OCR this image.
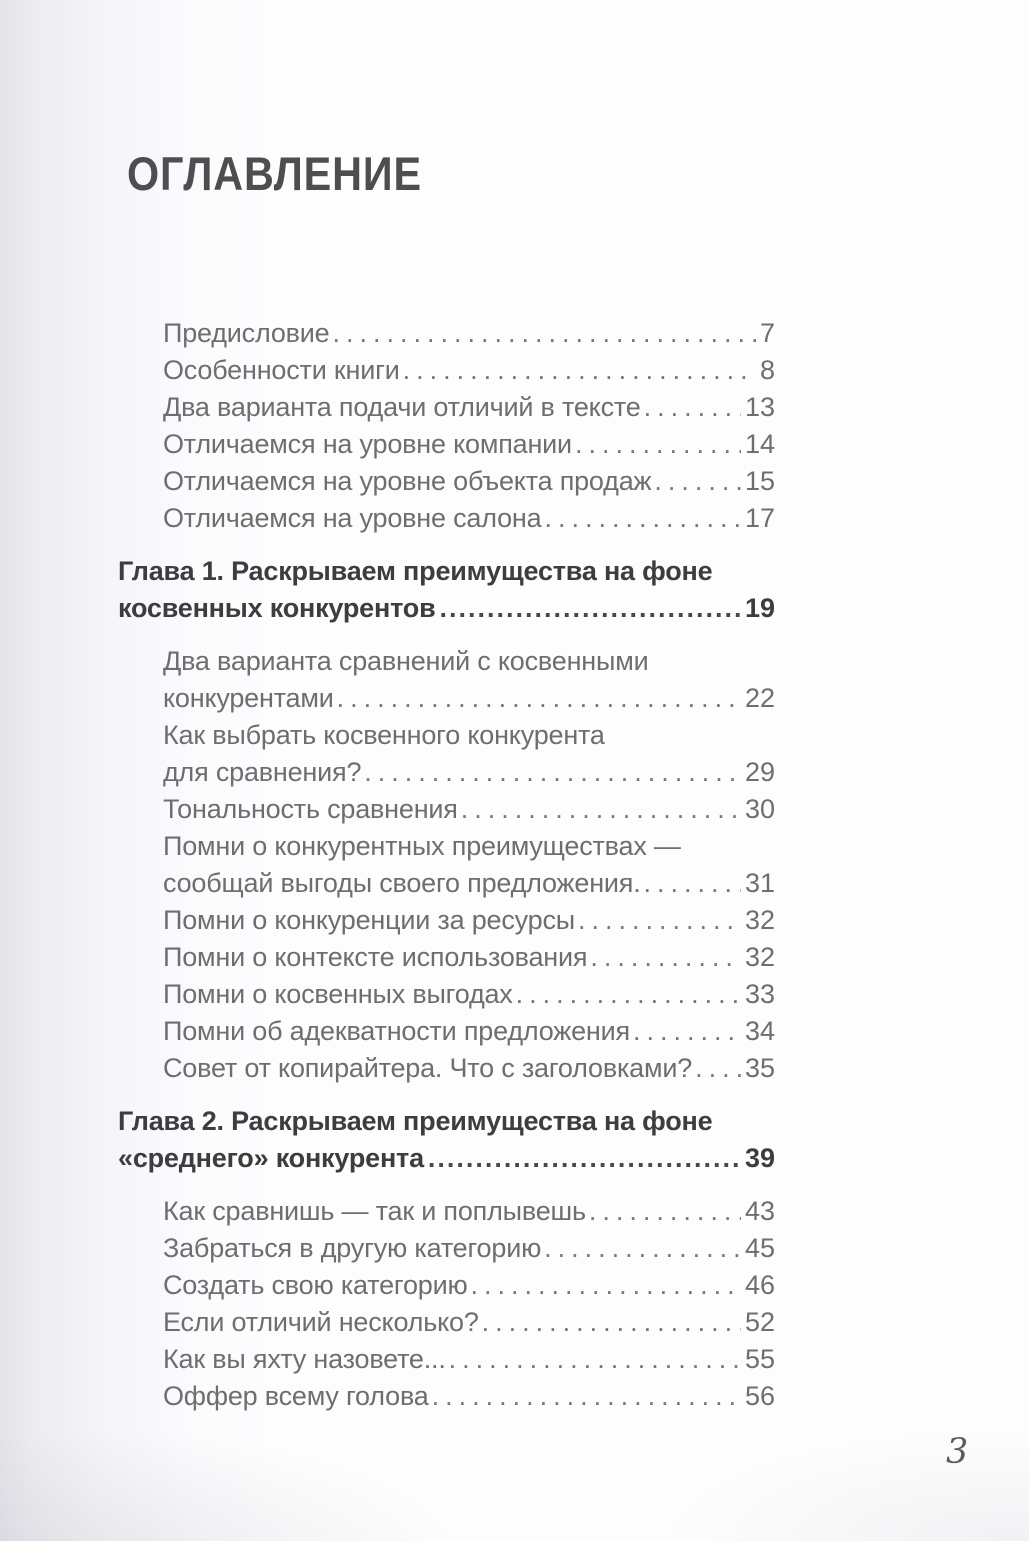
ОГЛАВЛЕНИЕ
Предисловие .....	7
Особенности книги .....	8
Два варианта подачи отличий в тексте .....	13
Отличаемся на уровне компании .....	14
Отличаемся на уровне объекта продаж .....	15
Отличаемся на уровне салона .....	17
Глава 1. Раскрываем преимущества на фоне
косвенных конкурентов .....	19
Два варианта сравнений с косвенными
конкурентами .....	22
Как выбрать косвенного конкурента
для сравнения? .....	29
Тональность сравнения .....	30
Помни о конкурентных преимуществах —
сообщай выгоды своего предложения. .....	31
Помни о конкуренции за ресурсы .....	32
Помни о контексте использования .....	32
Помни о косвенных выгодах .....	33
Помни об адекватности предложения .....	34
Совет от копирайтера. Что с заголовками? ..... 35
Глава 2. Раскрываем преимущества на фоне
«среднего» конкурента .....	39
Как сравнишь — так и поплывешь .....	43
Забраться в другую категорию .....	45
Создать свою категорию .....	46
Если отличий несколько? .....	52
Как вы яхту назовете... .....	55
Оффер всему голова .....	56
3
